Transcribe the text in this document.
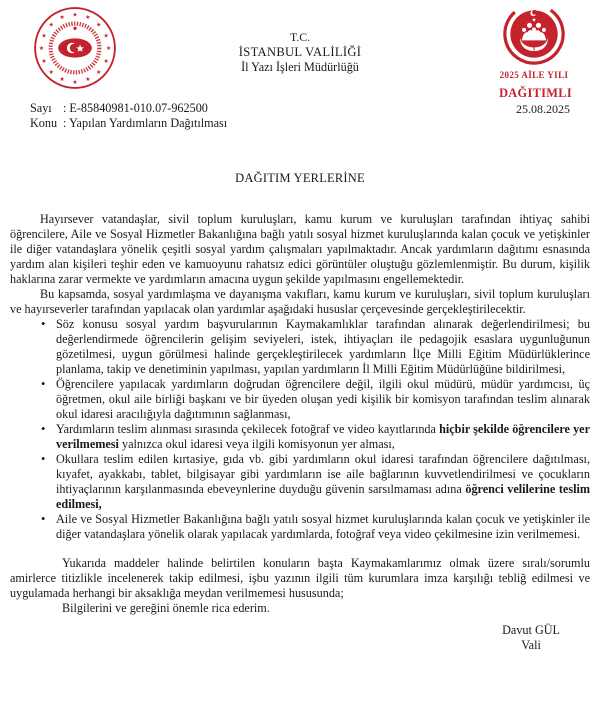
★ ★
★
★
★
★
★
★
★
★
★
★
★
★
★
★
T.C.
İSTANBUL VALİLİĞİ
İl Yazı İşleri Müdürlüğü
2025 AİLE YILI
DAĞITIMLI
25.08.2025
Sayı : E-85840981-010.07-962500
Konu : Yapılan Yardımların Dağıtılması
DAĞITIM YERLERİNE

Hayırsever vatandaşlar, sivil toplum kuruluşları, kamu kurum ve kuruluşları tarafından ihtiyaç sahibi öğrencilere, Aile ve Sosyal Hizmetler Bakanlığına bağlı yatılı sosyal hizmet kuruluşlarında kalan çocuk ve yetişkinler ile diğer vatandaşlara yönelik çeşitli sosyal yardım çalışmaları yapılmaktadır. Ancak yardımların dağıtımı esnasında yardım alan kişileri teşhir eden ve kamuoyunu rahatsız edici görüntüler oluştuğu gözlemlenmiştir. Bu durum, kişilik haklarına zarar vermekte ve yardımların amacına uygun şekilde yapılmasını engellemektedir.

Bu kapsamda, sosyal yardımlaşma ve dayanışma vakıfları, kamu kurum ve kuruluşları, sivil toplum kuruluşları ve hayırseverler tarafından yapılacak olan yardımlar aşağıdaki hususlar çerçevesinde gerçekleştirilecektir.

• Söz konusu sosyal yardım başvurularının Kaymakamlıklar tarafından alınarak değerlendirilmesi; bu değerlendirmede öğrencilerin gelişim seviyeleri, istek, ihtiyaçları ile pedagojik esaslara uygunluğunun gözetilmesi, uygun görülmesi halinde gerçekleştirilecek yardımların İlçe Milli Eğitim Müdürlüklerince planlama, takip ve denetiminin yapılması, yapılan yardımların İl Milli Eğitim Müdürlüğüne bildirilmesi,
• Öğrencilere yapılacak yardımların doğrudan öğrencilere değil, ilgili okul müdürü, müdür yardımcısı, üç öğretmen, okul aile birliği başkanı ve bir üyeden oluşan yedi kişilik bir komisyon tarafından teslim alınarak okul idaresi aracılığıyla dağıtımının sağlanması,
• Yardımların teslim alınması sırasında çekilecek fotoğraf ve video kayıtlarında hiçbir şekilde öğrencilere yer verilmemesi yalnızca okul idaresi veya ilgili komisyonun yer alması,
• Okullara teslim edilen kırtasiye, gıda vb. gibi yardımların okul idaresi tarafından öğrencilere dağıtılması, kıyafet, ayakkabı, tablet, bilgisayar gibi yardımların ise aile bağlarının kuvvetlendirilmesi ve çocukların ihtiyaçlarının karşılanmasında ebeveynlerine duyduğu güvenin sarsılmaması adına öğrenci velilerine teslim edilmesi,
• Aile ve Sosyal Hizmetler Bakanlığına bağlı yatılı sosyal hizmet kuruluşlarında kalan çocuk ve yetişkinler ile diğer vatandaşlara yönelik olarak yapılacak yardımlarda, fotoğraf veya video çekilmesine izin verilmemesi.

Yukarıda maddeler halinde belirtilen konuların başta Kaymakamlarımız olmak üzere sıralı/sorumlu amirlerce titizlikle incelenerek takip edilmesi, işbu yazının ilgili tüm kurumlara imza karşılığı tebliğ edilmesi ve uygulamada herhangi bir aksaklığa meydan verilmemesi hususunda;

Bilgilerini ve gereğini önemle rica ederim.

Davut GÜL
Vali
